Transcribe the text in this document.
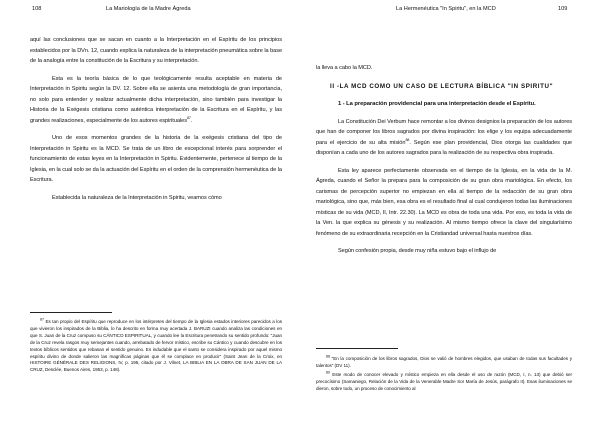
108	La Mariología de la Madre Ágreda

aquí las conclusiones que se sacan en cuanto a la Interpretación en el Espíritu de los principios establecidos por la DVn. 12, cuando explica la naturaleza de la interpretación pneumática sobre la base de la analogía entre la constitución de la Escritura y su interpretación.

Esta es la teoría básica de lo que teológicamente resulta aceptable en materia de Interpretación in Spiritu según la DV. 12. Sobre ella se asienta una metodología de gran importancia, no solo para entender y realizar actualmente dicha interpretación, sino también para investigar la Historia de la Exégesis cristiana como auténtica interpretación de la Escritura en el Espíritu, y las grandes realizaciones, especialmente de los autores espirituales$^{87}$.

Uno de esos momentos grandes de la historia de la exégesis cristiana del tipo de Interpretación in Spiritu es la MCD. Se trata de un libro de excepcional interés para sorprender el funcionamiento de estas leyes en la Interpretación in Spiritu. Evidentemente, pertenece al tiempo de la Iglesia, en la cual solo se da la actuación del Espíritu en el orden de la comprensión hermenéutica de la Escritura.

Establecida la naturaleza de la Interpretación in Spiritu, veamos cómo

$^{87}$ Es tan propio del Espíritu que reproduce en los intérpretes del tiempo de la Iglesia estados interiores parecidos a los que vivieron los inspirados de la Biblia, lo ha descrito en forma muy acertada J. BARUZI cuando analiza las condiciones en que S. Juan de la Cruz compuso su CÁNTICO ESPIRITUAL, y cuando lee la Escritura penetrando su sentido profundo: "Juan de la Cruz revela rasgos muy semejantes cuando, arrebatado de fervor místico, escribe su Cántico y cuando descubre en los textos bíblicos sentidos que rebasan el sentido genuino. Es indudable que el santo se considera inspirado por aquel mismo espíritu divino de donde salieron las magníficas páginas que él se complace en producir" (Saint Jean de la Croix, en HISTOIRE GÉNÉRALE DES RELIGIONS, IV, p. 195, citado por J. Vilnet, LA BIBLIA EN LA OBRA DE SAN JUAN DE LA CRUZ, Desclée, Buenos Aires, 1953, p. 148).

La Hermenéutica "In Spiritu", en la MCD	109

la lleva a cabo la MCD.

II -LA MCD COMO UN CASO DE LECTURA BÍBLICA "IN SPIRITU"

1 - La preparación providencial para una interpretación desde el Espíritu.

La Constitución Dei Verbum hace remontar a los divinos designios la preparación de los autores que han de componer los libros sagrados por divina inspiración: los elige y los equipa adecuadamente para el ejercicio de su alta misión$^{88}$. Según ese plan providencial, Dios otorga las cualidades que disponían a cada uno de los autores sagrados para la realización de su respectiva obra inspirada.

Esta ley aparece perfectamente observada en el tiempo de la Iglesia, en la vida de la M. Ágreda, cuando el Señor la prepara para la composición de su gran obra mariológica. En efecto, los carismas de percepción superior no empiezan en ella al tiempo de la redacción de su gran obra mariológica, sino que, más bien, esa obra es el resultado final al cual condujeron todas las iluminaciones místicas de su vida (MCD, II, Intr. 22.30). La MCD es obra de toda una vida. Por eso, es toda la vida de la Ven. la que explica su génesis y su realización. Al mismo tiempo ofrece la clave del singularísimo fenómeno de su extraordinaria recepción en la Cristiandad universal hasta nuestros días.

Según confesión propia, desde muy niña estuvo bajo el influjo de

$^{88}$ "En la composición de los libros sagrados, Dios se valió de hombres elegidos, que usaban de todas sus facultades y talentos" (DV 11).

$^{89}$ Este modo de conocer elevado y místico empieza en ella desde el uso de razón (MCD, I, n. 13) que debió ser precocísimo (Samaniego, Relación de la Vida de la Venerable Madre Sor María de Jesús, parágrafo II). Esas iluminaciones se dieron, sobre todo, un proceso de conocimiento al
